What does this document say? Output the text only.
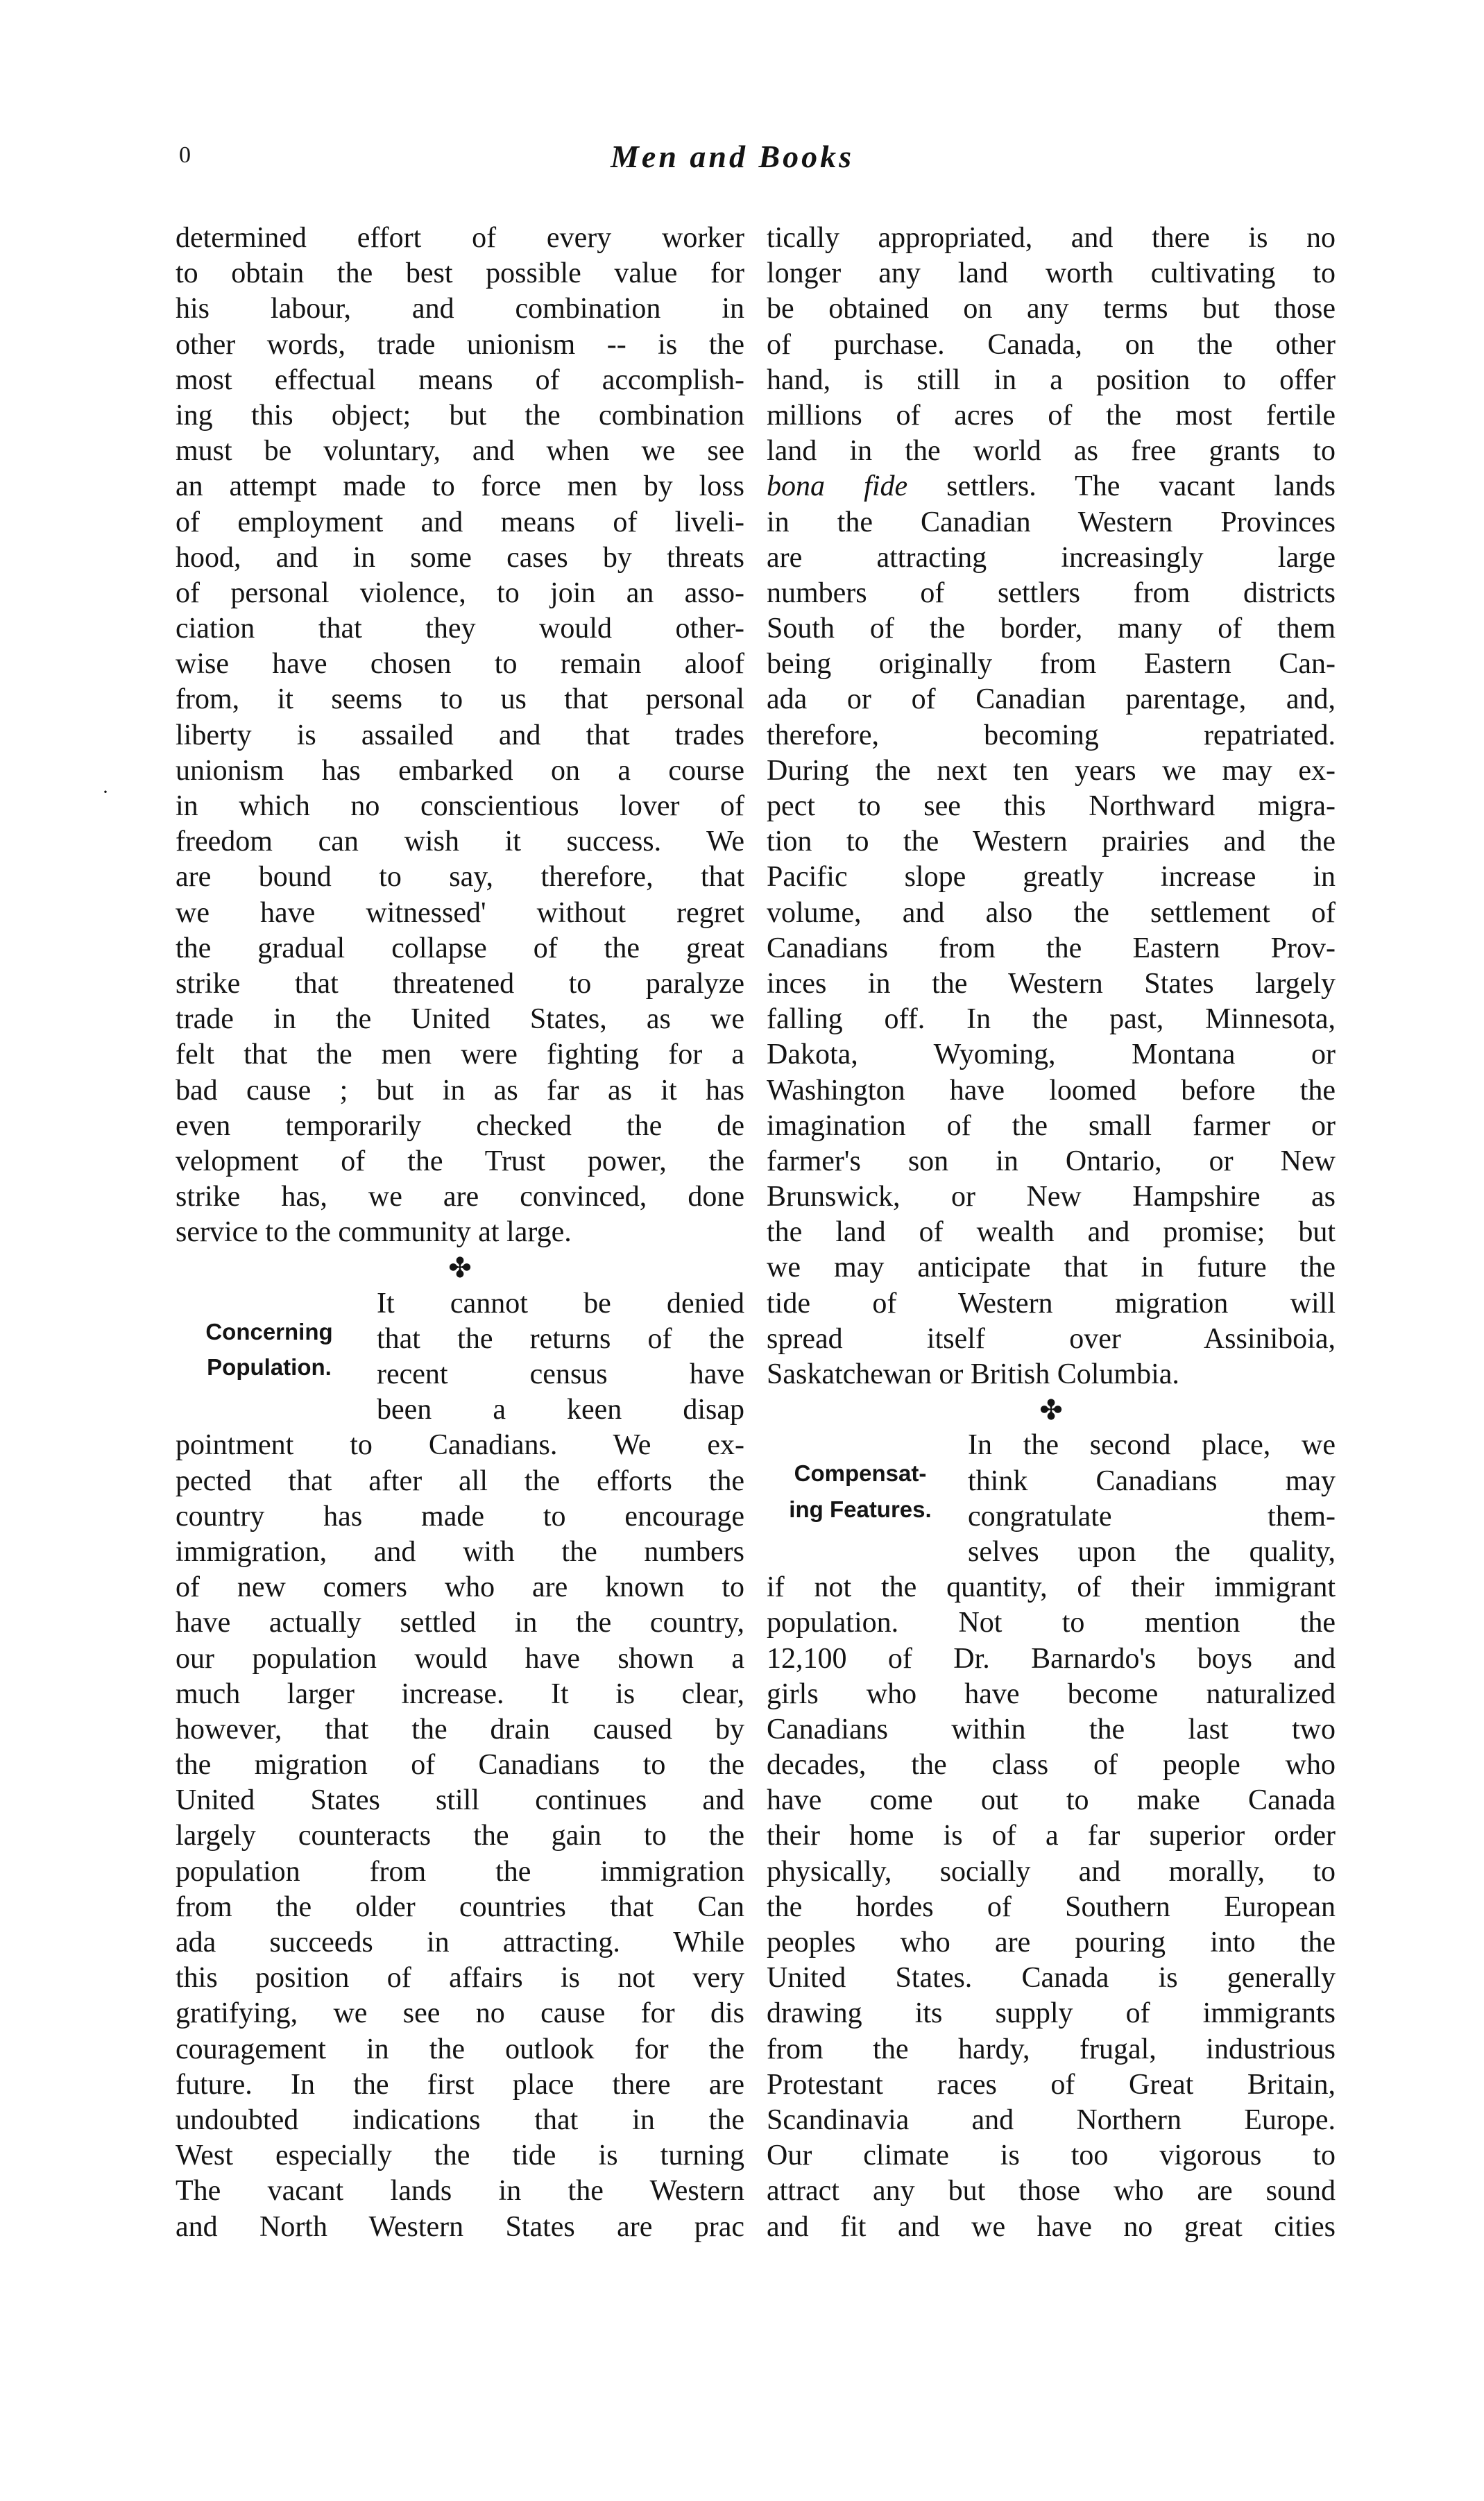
0	Men and Books
·
determined effort of every worker
to obtain the best possible value for
his labour, and combination in
other words, trade unionism -- is the
most effectual means of accomplish-
ing this object; but the combination
must be voluntary, and when we see
an attempt made to force men by loss
of employment and means of liveli-
hood, and in some cases by threats
of personal violence, to join an asso-
ciation that they would other-
wise have chosen to remain aloof
from, it seems to us that personal
liberty is assailed and that trades
unionism has embarked on a course
in which no conscientious lover of
freedom can wish it success. We
are bound to say, therefore, that
we have witnessed' without regret
the gradual collapse of the great
strike that threatened to paralyze
trade in the United States, as we
felt that the men were fighting for a
bad cause ; but in as far as it has
even temporarily checked the de
velopment of the Trust power, the
strike has, we are convinced, done
service to the community at large.
✤
Concerning
Population.
It cannot be denied
that the returns of the
recent census have
been a keen disap
pointment to Canadians. We ex-
pected that after all the efforts the
country has made to encourage
immigration, and with the numbers
of new comers who are known to
have actually settled in the country,
our population would have shown a
much larger increase. It is clear,
however, that the drain caused by
the migration of Canadians to the
United States still continues and
largely counteracts the gain to the
population from the immigration
from the older countries that Can
ada succeeds in attracting. While
this position of affairs is not very
gratifying, we see no cause for dis
couragement in the outlook for the
future. In the first place there are
undoubted indications that in the
West especially the tide is turning
The vacant lands in the Western
and North Western States are prac
tically appropriated, and there is no
longer any land worth cultivating to
be obtained on any terms but those
of purchase. Canada, on the other
hand, is still in a position to offer
millions of acres of the most fertile
land in the world as free grants to
bona fide settlers. The vacant lands
in the Canadian Western Provinces
are attracting increasingly large
numbers of settlers from districts
South of the border, many of them
being originally from Eastern Can-
ada or of Canadian parentage, and,
therefore, becoming repatriated.
During the next ten years we may ex-
pect to see this Northward migra-
tion to the Western prairies and the
Pacific slope greatly increase in
volume, and also the settlement of
Canadians from the Eastern Prov-
inces in the Western States largely
falling off. In the past, Minnesota,
Dakota, Wyoming, Montana or
Washington have loomed before the
imagination of the small farmer or
farmer's son in Ontario, or New
Brunswick, or New Hampshire as
the land of wealth and promise; but
we may anticipate that in future the
tide of Western migration will
spread itself over Assiniboia,
Saskatchewan or British Columbia.
✤
Compensat-
ing Features.
In the second place, we
think Canadians may
congratulate them-
selves upon the quality,
if not the quantity, of their immigrant
population. Not to mention the
12,100 of Dr. Barnardo's boys and
girls who have become naturalized
Canadians within the last two
decades, the class of people who
have come out to make Canada
their home is of a far superior order
physically, socially and morally, to
the hordes of Southern European
peoples who are pouring into the
United States. Canada is generally
drawing its supply of immigrants
from the hardy, frugal, industrious
Protestant races of Great Britain,
Scandinavia and Northern Europe.
Our climate is too vigorous to
attract any but those who are sound
and fit and we have no great cities
